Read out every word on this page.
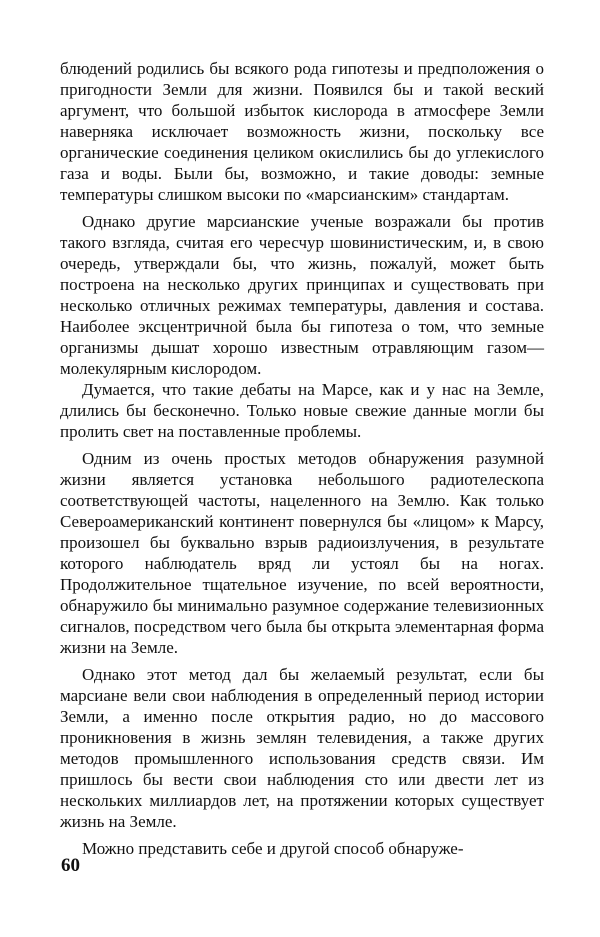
блюдений родились бы всякого рода гипотезы и предположения о пригодности Земли для жизни. Появился бы и такой веский аргумент, что большой избыток кислорода в атмосфере Земли наверняка исключает возможность жизни, поскольку все органические соединения целиком окислились бы до углекислого газа и воды. Были бы, возможно, и такие доводы: земные температуры слишком высоки по «марсианским» стандартам.

Однако другие марсианские ученые возражали бы против такого взгляда, считая его чересчур шовинистическим, и, в свою очередь, утверждали бы, что жизнь, пожалуй, может быть построена на несколько других принципах и существовать при несколько отличных режимах температуры, давления и состава. Наиболее эксцентричной была бы гипотеза о том, что земные организмы дышат хорошо известным отравляющим газом—молекулярным кислородом.

Думается, что такие дебаты на Марсе, как и у нас на Земле, длились бы бесконечно. Только новые свежие данные могли бы пролить свет на поставленные проблемы.

Одним из очень простых методов обнаружения разумной жизни является установка небольшого радиотелескопа соответствующей частоты, нацеленного на Землю. Как только Североамериканский континент повернулся бы «лицом» к Марсу, произошел бы буквально взрыв радиоизлучения, в результате которого наблюдатель вряд ли устоял бы на ногах. Продолжительное тщательное изучение, по всей вероятности, обнаружило бы минимально разумное содержание телевизионных сигналов, посредством чего была бы открыта элементарная форма жизни на Земле.

Однако этот метод дал бы желаемый результат, если бы марсиане вели свои наблюдения в определенный период истории Земли, а именно после открытия радио, но до массового проникновения в жизнь землян телевидения, а также других методов промышленного использования средств связи. Им пришлось бы вести свои наблюдения сто или двести лет из нескольких миллиардов лет, на протяжении которых существует жизнь на Земле.

Можно представить себе и другой способ обнаруже-

60
